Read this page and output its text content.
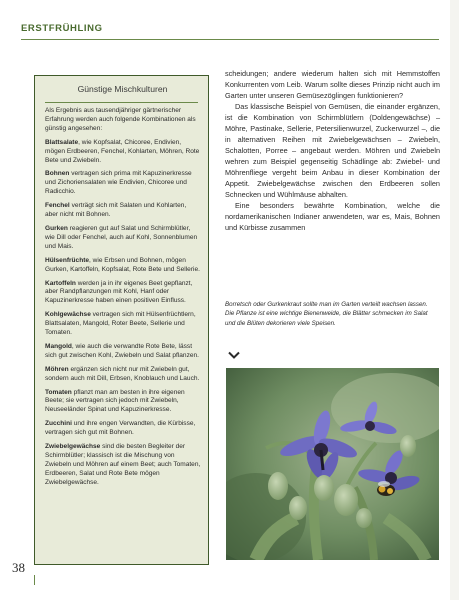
ERSTFRÜHLING
Günstige Mischkulturen

Als Ergebnis aus tausendjähriger gärtnerischer Erfahrung werden auch folgende Kombinationen als günstig angesehen:

Blattsalate, wie Kopfsalat, Chicoree, Endivien, mögen Erdbeeren, Fenchel, Kohlarten, Möhren, Rote Bete und Zwiebeln.

Bohnen vertragen sich prima mit Kapuzinerkresse und Zichoriensalaten wie Endivien, Chicoree und Radicchio.

Fenchel verträgt sich mit Salaten und Kohlarten, aber nicht mit Bohnen.

Gurken reagieren gut auf Salat und Schirmblütler, wie Dill oder Fenchel, auch auf Kohl, Sonnenblumen und Mais.

Hülsenfrüchte, wie Erbsen und Bohnen, mögen Gurken, Kartoffeln, Kopfsalat, Rote Bete und Sellerie.

Kartoffeln werden ja in ihr eigenes Beet gepflanzt, aber Randpflanzungen mit Kohl, Hanf oder Kapuzinerkresse haben einen positiven Einfluss.

Kohlgewächse vertragen sich mit Hülsenfrüchtlern, Blattsalaten, Mangold, Roter Beete, Sellerie und Tomaten.

Mangold, wie auch die verwandte Rote Bete, lässt sich gut zwischen Kohl, Zwiebeln und Salat pflanzen.

Möhren ergänzen sich nicht nur mit Zwiebeln gut, sondern auch mit Dill, Erbsen, Knoblauch und Lauch.

Tomaten pflanzt man am besten in ihre eigenen Beete; sie vertragen sich jedoch mit Zwiebeln, Neuseeländer Spinat und Kapuzinerkresse.

Zucchini und ihre engen Verwandten, die Kürbisse, vertragen sich gut mit Bohnen.

Zwiebelgewächse sind die besten Begleiter der Schirmblütler; klassisch ist die Mischung von Zwiebeln und Möhren auf einem Beet; auch Tomaten, Erdbeeren, Salat und Rote Bete mögen Zwiebelgewächse.

scheidungen; andere wiederum halten sich mit Hemmstoffen Konkurrenten vom Leib. Warum sollte dieses Prinzip nicht auch im Garten unter unseren Gemüsezöglingen funktionieren?

Das klassische Beispiel von Gemüsen, die einander ergänzen, ist die Kombination von Schirmblütlern (Doldengewächse) – Möhre, Pastinake, Sellerie, Petersilienwurzel, Zuckerwurzel –, die in alternativen Reihen mit Zwiebelgewächsen – Zwiebeln, Schalotten, Porree – angebaut werden. Möhren und Zwiebeln wehren zum Beispiel gegenseitig Schädlinge ab: Zwiebel- und Möhrenfliege vergeht beim Anbau in dieser Kombination der Appetit. Zwiebelgewächse zwischen den Erdbeeren sollen Schnecken und Wühlmäuse abhalten.

Eine besonders bewährte Kombination, welche die nordamerikanischen Indianer anwendeten, war es, Mais, Bohnen und Kürbisse zusammen

Borretsch oder Gurkenkraut sollte man im Garten verteilt wachsen lassen. Die Pflanze ist eine wichtige Bienenweide, die Blätter schmecken im Salat und die Blüten dekorieren viele Speisen.
38
